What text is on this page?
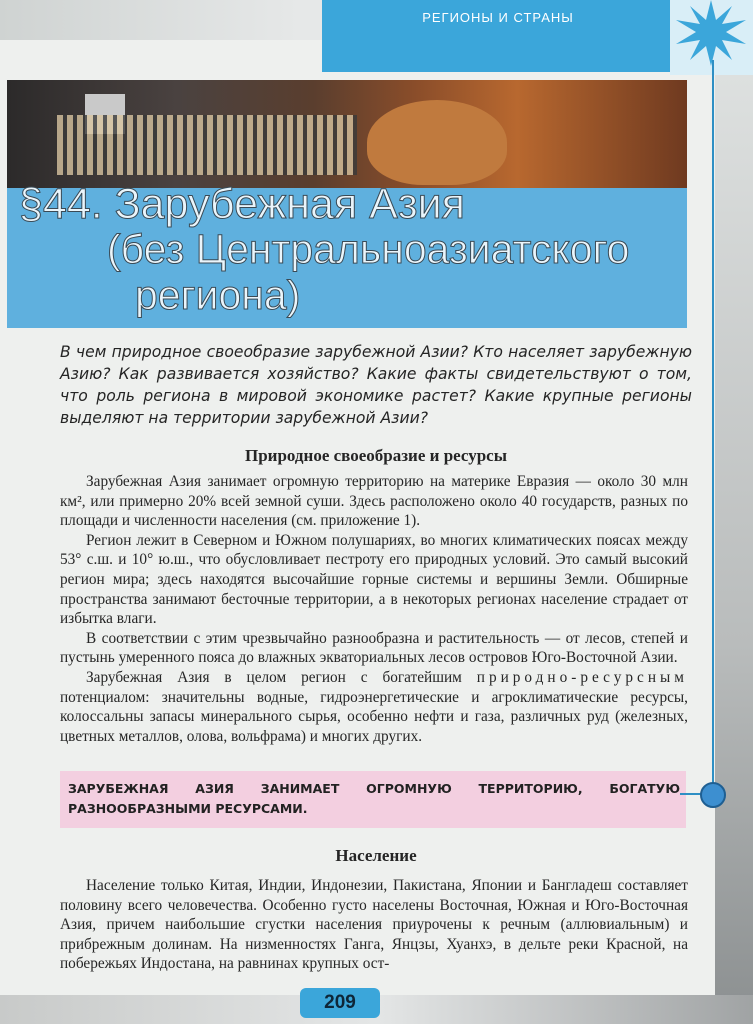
РЕГИОНЫ И СТРАНЫ
§44. Зарубежная Азия
(без Центральноазиатского
региона)
В чем природное своеобразие зарубежной Азии? Кто населяет зарубежную Азию? Как развивается хозяйство? Какие факты свидетельствуют о том, что роль региона в мировой экономике растет? Какие крупные регионы выделяют на территории зарубежной Азии?
Природное своеобразие и ресурсы

Зарубежная Азия занимает огромную территорию на материке Евразия — около 30 млн км², или примерно 20% всей земной суши. Здесь расположено около 40 государств, разных по площади и численности населения (см. приложение 1).

Регион лежит в Северном и Южном полушариях, во многих климатических поясах между 53° с.ш. и 10° ю.ш., что обусловливает пестроту его природных условий. Это самый высокий регион мира; здесь находятся высочайшие горные системы и вершины Земли. Обширные пространства занимают бесточные территории, а в некоторых регионах население страдает от избытка влаги.

В соответствии с этим чрезвычайно разнообразна и растительность — от лесов, степей и пустынь умеренного пояса до влажных экваториальных лесов островов Юго-Восточной Азии.

Зарубежная Азия в целом регион с богатейшим природно-ресурсным потенциалом: значительны водные, гидроэнергетические и агроклиматические ресурсы, колоссальны запасы минерального сырья, особенно нефти и газа, различных руд (железных, цветных металлов, олова, вольфрама) и многих других.

ЗАРУБЕЖНАЯ АЗИЯ ЗАНИМАЕТ ОГРОМНУЮ ТЕРРИТОРИЮ, БОГАТУЮ РАЗНООБРАЗНЫМИ РЕСУРСАМИ.
Население

Население только Китая, Индии, Индонезии, Пакистана, Японии и Бангладеш составляет половину всего человечества. Особенно густо населены Восточная, Южная и Юго-Восточная Азия, причем наибольшие сгустки населения приурочены к речным (аллювиальным) и прибрежным долинам. На низменностях Ганга, Янцзы, Хуанхэ, в дельте реки Красной, на побережьях Индостана, на равнинах крупных ост-

209
